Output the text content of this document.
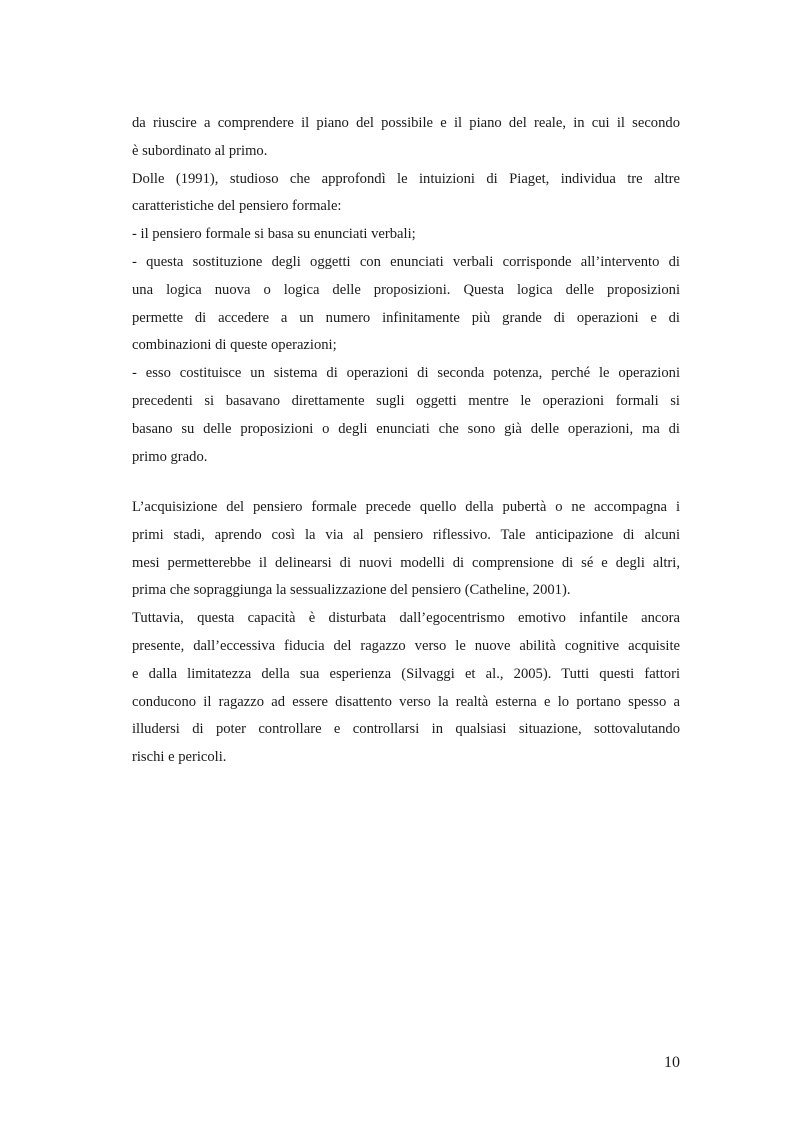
da riuscire a comprendere il piano del possibile e il piano del reale, in cui il secondo
è subordinato al primo.
Dolle (1991), studioso che approfondì le intuizioni di Piaget, individua tre altre
caratteristiche del pensiero formale:
- il pensiero formale si basa su enunciati verbali;
- questa sostituzione degli oggetti con enunciati verbali corrisponde all’intervento di
una logica nuova o logica delle proposizioni. Questa logica delle proposizioni
permette di accedere a un numero infinitamente più grande di operazioni e di
combinazioni di queste operazioni;
- esso costituisce un sistema di operazioni di seconda potenza, perché le operazioni
precedenti si basavano direttamente sugli oggetti mentre le operazioni formali si
basano su delle proposizioni o degli enunciati che sono già delle operazioni, ma di
primo grado.
L’acquisizione del pensiero formale precede quello della pubertà o ne accompagna i
primi stadi, aprendo così la via al pensiero riflessivo. Tale anticipazione di alcuni
mesi permetterebbe il delinearsi di nuovi modelli di comprensione di sé e degli altri,
prima che sopraggiunga la sessualizzazione del pensiero (Catheline, 2001).
Tuttavia, questa capacità è disturbata dall’egocentrismo emotivo infantile ancora
presente, dall’eccessiva fiducia del ragazzo verso le nuove abilità cognitive acquisite
e dalla limitatezza della sua esperienza (Silvaggi et al., 2005). Tutti questi fattori
conducono il ragazzo ad essere disattento verso la realtà esterna e lo portano spesso a
illudersi di poter controllare e controllarsi in qualsiasi situazione, sottovalutando
rischi e pericoli.
10
